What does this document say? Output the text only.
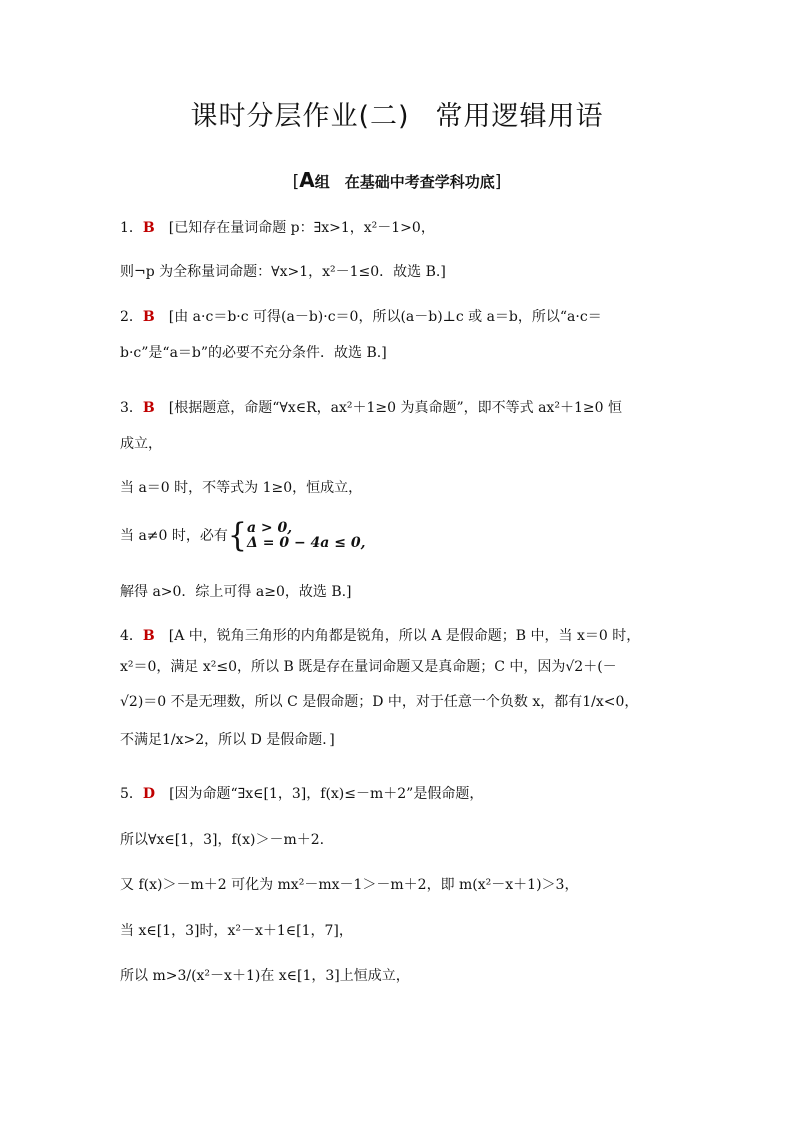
课时分层作业(二) 常用逻辑用语
[A组　在基础中考查学科功底]
1．B　 [已知存在量词命题 p：∃x>1，x²－1>0，
则¬p 为全称量词命题：∀x>1，x²－1≤0．故选 B.]
2．B　 [由 a·c＝b·c 可得(a－b)·c＝0，所以(a－b)⊥c 或 a＝b，所以“a·c＝
b·c”是“a＝b”的必要不充分条件．故选 B.]
3．B　 [根据题意，命题“∀x∈R，ax²＋1≥0 为真命题”，即不等式 ax²＋1≥0 恒
成立，
当 a＝0 时，不等式为 1≥0，恒成立，
当 a≠0 时，必有{ a > 0,
Δ = 0 − 4a ≤ 0,
解得 a>0．综上可得 a≥0，故选 B.]
4．B　 [A 中，锐角三角形的内角都是锐角，所以 A 是假命题；B 中，当 x＝0 时，
x²＝0，满足 x²≤0，所以 B 既是存在量词命题又是真命题；C 中，因为√2＋(－
√2)＝0 不是无理数，所以 C 是假命题；D 中，对于任意一个负数 x，都有1/x<0，
不满足1/x>2，所以 D 是假命题．]
5．D　 [因为命题“∃x∈[1，3]，f(x)≤－m＋2”是假命题，
所以∀x∈[1，3]，f(x)＞－m＋2.
又 f(x)＞－m＋2 可化为 mx²－mx－1＞－m＋2，即 m(x²－x＋1)＞3，
当 x∈[1，3]时，x²－x＋1∈[1，7]，
所以 m>3/(x²－x＋1)在 x∈[1，3]上恒成立，
